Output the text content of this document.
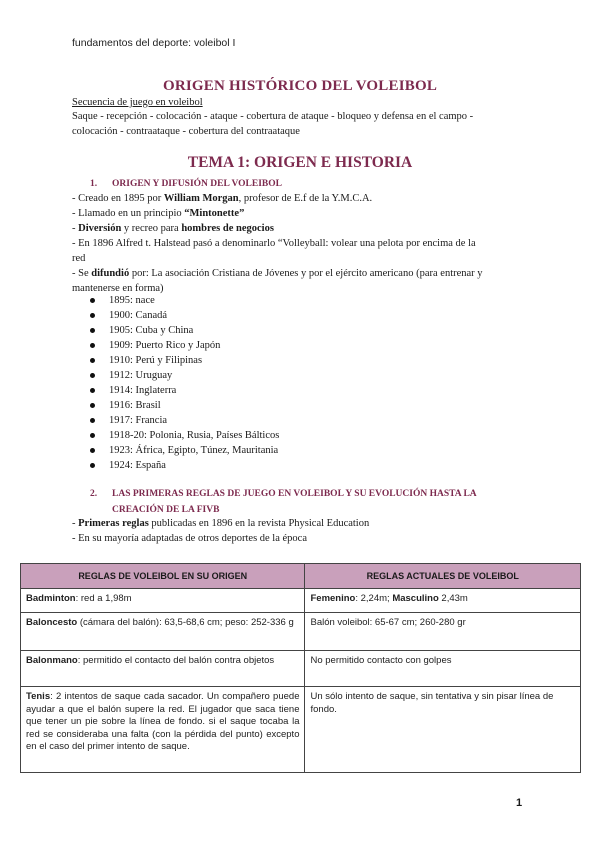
fundamentos del deporte: voleibol I
ORIGEN HISTÓRICO DEL VOLEIBOL
Secuencia de juego en voleibol
Saque - recepción - colocación - ataque - cobertura de ataque - bloqueo y defensa en el campo -
colocación - contraataque - cobertura del contraataque
TEMA 1: ORIGEN E HISTORIA
1. ORIGEN Y DIFUSIÓN DEL VOLEIBOL
- Creado en 1895 por William Morgan, profesor de E.f de la Y.M.C.A.
- Llamado en un principio “Mintonette”
- Diversión y recreo para hombres de negocios
- En 1896 Alfred t. Halstead pasó a denominarlo “Volleyball: volear una pelota por encima de la
red
- Se difundió por: La asociación Cristiana de Jóvenes y por el ejército americano (para entrenar y
mantenerse en forma)
1895: nace
1900: Canadá
1905: Cuba y China
1909: Puerto Rico y Japón
1910: Perú y Filipinas
1912: Uruguay
1914: Inglaterra
1916: Brasil
1917: Francia
1918-20: Polonia, Rusia, Países Bálticos
1923: África, Egipto, Túnez, Mauritania
1924: España
2. LAS PRIMERAS REGLAS DE JUEGO EN VOLEIBOL Y SU EVOLUCIÓN HASTA LA
CREACIÓN DE LA FIVB
- Primeras reglas publicadas en 1896 en la revista Physical Education
- En su mayoría adaptadas de otros deportes de la época
REGLAS DE VOLEIBOL EN SU ORIGEN	REGLAS ACTUALES DE VOLEIBOL
Badminton: red a 1,98m	Femenino: 2,24m; Masculino 2,43m
Baloncesto (cámara del balón): 63,5-68,6 cm; peso: 252-336 g	Balón voleibol: 65-67 cm; 260-280 gr
Balonmano: permitido el contacto del balón contra objetos	No permitido contacto con golpes
Tenis: 2 intentos de saque cada sacador. Un compañero puede ayudar a que el balón supere la red. El jugador que saca tiene que tener un pie sobre la línea de fondo. si el saque tocaba la red se consideraba una falta (con la pérdida del punto) excepto en el caso del primer intento de saque.	Un sólo intento de saque, sin tentativa y sin pisar línea de fondo.
1
